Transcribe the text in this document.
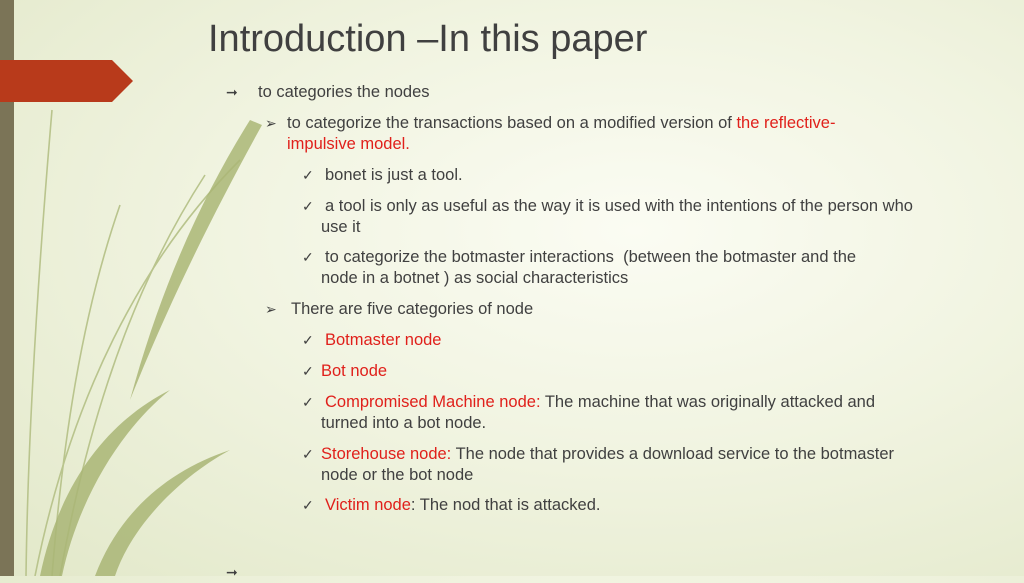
Introduction –In this paper
➞ to categories the nodes
➢ to categorize the transactions based on a modified version of the reflective-
impulsive model.
✓ bonet is just a tool.
✓ a tool is only as useful as the way it is used with the intentions of the person who
use it
✓ to categorize the botmaster interactions  (between the botmaster and the
node in a botnet ) as social characteristics
➢ There are five categories of node
✓ Botmaster node
✓ Bot node
✓ Compromised Machine node: The machine that was originally attacked and
turned into a bot node.
✓ Storehouse node: The node that provides a download service to the botmaster
node or the bot node
✓ Victim node: The nod that is attacked.
➞
